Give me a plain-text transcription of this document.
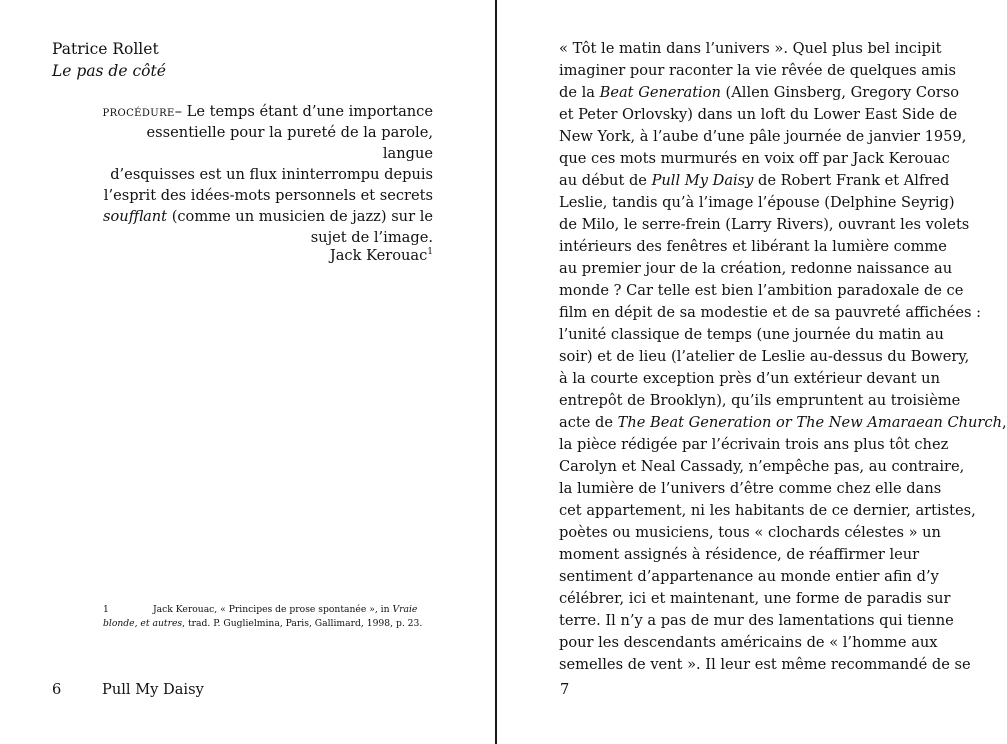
Patrice Rollet
Le pas de côté
procédure– Le temps étant d’une importance
essentielle pour la pureté de la parole, langue
d’esquisses est un flux ininterrompu depuis
l’esprit des idées-mots personnels et secrets
soufflant (comme un musicien de jazz) sur le
sujet de l’image.
Jack Kerouac$^1$
1	Jack Kerouac, « Principes de prose spontanée », in Vraie blonde, et autres, trad. P. Guglielmina, Paris, Gallimard, 1998, p. 23.
6	Pull My Daisy
« Tôt le matin dans l’univers ». Quel plus bel incipit
imaginer pour raconter la vie rêvée de quelques amis
de la Beat Generation (Allen Ginsberg, Gregory Corso
et Peter Orlovsky) dans un loft du Lower East Side de
New York, à l’aube d’une pâle journée de janvier 1959,
que ces mots murmurés en voix off par Jack Kerouac
au début de Pull My Daisy de Robert Frank et Alfred
Leslie, tandis qu’à l’image l’épouse (Delphine Seyrig)
de Milo, le serre-frein (Larry Rivers), ouvrant les volets
intérieurs des fenêtres et libérant la lumière comme
au premier jour de la création, redonne naissance au
monde ? Car telle est bien l’ambition paradoxale de ce
film en dépit de sa modestie et de sa pauvreté affichées :
l’unité classique de temps (une journée du matin au
soir) et de lieu (l’atelier de Leslie au-dessus du Bowery,
à la courte exception près d’un extérieur devant un
entrepôt de Brooklyn), qu’ils empruntent au troisième
acte de The Beat Generation or The New Amaraean Church,
la pièce rédigée par l’écrivain trois ans plus tôt chez
Carolyn et Neal Cassady, n’empêche pas, au contraire,
la lumière de l’univers d’être comme chez elle dans
cet appartement, ni les habitants de ce dernier, artistes,
poètes ou musiciens, tous « clochards célestes » un
moment assignés à résidence, de réaffirmer leur
sentiment d’appartenance au monde entier afin d’y
célébrer, ici et maintenant, une forme de paradis sur
terre. Il n’y a pas de mur des lamentations qui tienne
pour les descendants américains de « l’homme aux
semelles de vent ». Il leur est même recommandé de se
7
